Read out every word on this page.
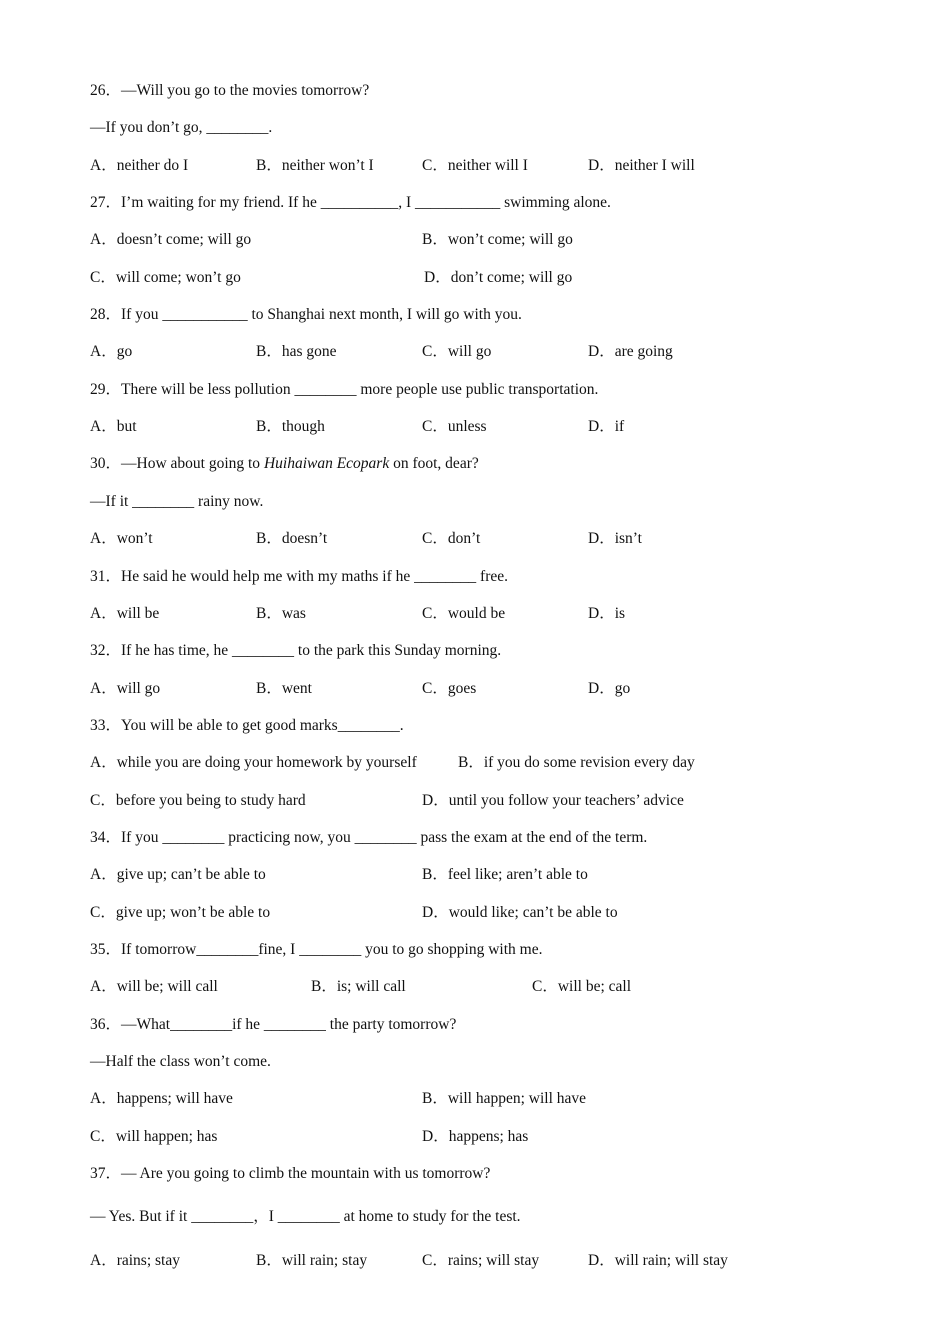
26．—Will you go to the movies tomorrow?
—If you don’t go, ________.
A．neither do I	B．neither won’t I	C．neither will I	D．neither I will
27．I’m waiting for my friend. If he __________, I ___________ swimming alone.
A．doesn’t come; will go	B．won’t come; will go
C．will come; won’t go	D．don’t come; will go
28．If you ___________ to Shanghai next month, I will go with you.
A．go	B．has gone	C．will go	D．are going
29．There will be less pollution ________ more people use public transportation.
A．but	B．though	C．unless	D．if
30．—How about going to Huihaiwan Ecopark on foot, dear?
—If it ________ rainy now.
A．won’t	B．doesn’t	C．don’t	D．isn’t
31．He said he would help me with my maths if he ________ free.
A．will be	B．was	C．would be	D．is
32．If he has time, he ________ to the park this Sunday morning.
A．will go	B．went	C．goes	D．go
33．You will be able to get good marks________.
A．while you are doing your homework by yourself	B．if you do some revision every day
C．before you being to study hard	D．until you follow your teachers’ advice
34．If you ________ practicing now, you ________ pass the exam at the end of the term.
A．give up; can’t be able to	B．feel like; aren’t able to
C．give up; won’t be able to	D．would like; can’t be able to
35．If tomorrow________fine, I ________ you to go shopping with me.
A．will be; will call	B．is; will call	C．will be; call
36．—What________if he ________ the party tomorrow?
—Half the class won’t come.
A．happens; will have	B．will happen; will have
C．will happen; has	D．happens; has
37．— Are you going to climb the mountain with us tomorrow?
— Yes. But if it ________，I ________ at home to study for the test.
A．rains; stay	B．will rain; stay	C．rains; will stay	D．will rain; will stay
